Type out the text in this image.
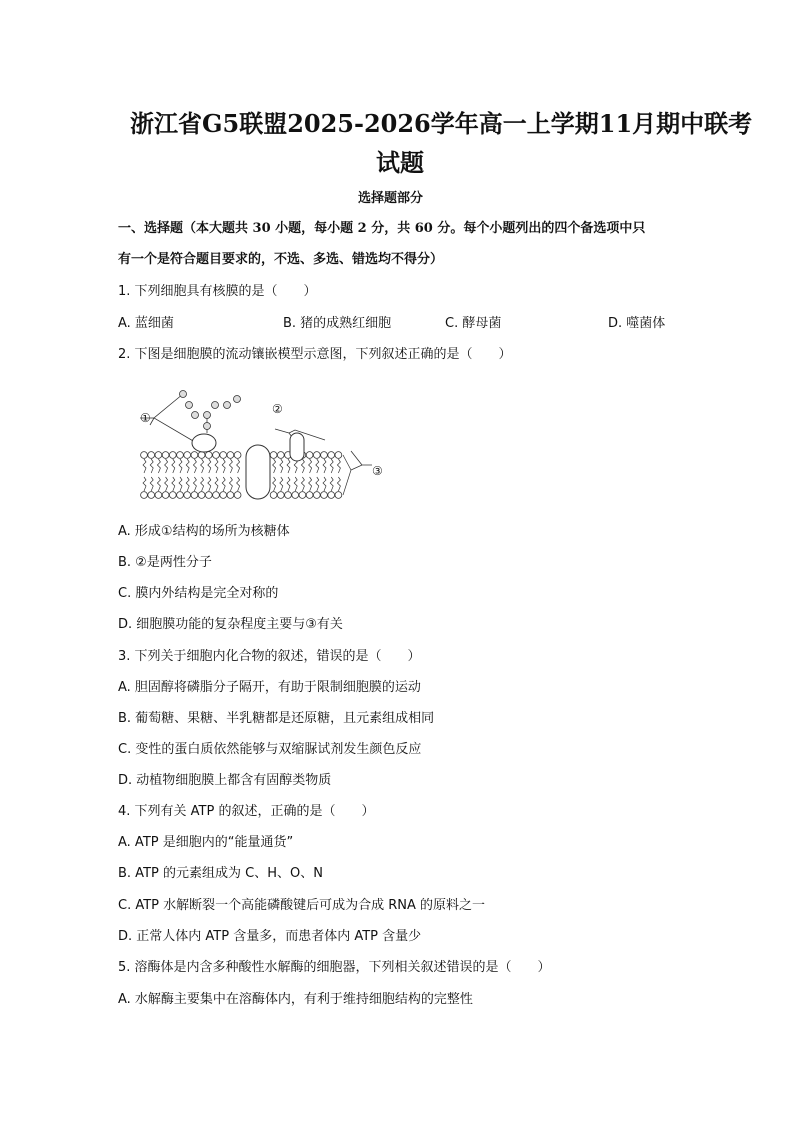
浙江省G5联盟2025-2026学年高一上学期11月期中联考
试题
选择题部分
一、选择题（本大题共 30 小题，每小题 2 分，共 60 分。每个小题列出的四个备选项中只
有一个是符合题目要求的，不选、多选、错选均不得分）
1. 下列细胞具有核膜的是（　　）
A. 蓝细菌	B. 猪的成熟红细胞	C. 酵母菌	D. 噬菌体
2. 下图是细胞膜的流动镶嵌模型示意图，下列叙述正确的是（　　）
①
②
③
A. 形成①结构的场所为核糖体
B. ②是两性分子
C. 膜内外结构是完全对称的
D. 细胞膜功能的复杂程度主要与③有关
3. 下列关于细胞内化合物的叙述，错误的是（　　）
A. 胆固醇将磷脂分子隔开，有助于限制细胞膜的运动
B. 葡萄糖、果糖、半乳糖都是还原糖，且元素组成相同
C. 变性的蛋白质依然能够与双缩脲试剂发生颜色反应
D. 动植物细胞膜上都含有固醇类物质
4. 下列有关 ATP 的叙述，正确的是（　　）
A. ATP 是细胞内的“能量通货”
B. ATP 的元素组成为 C、H、O、N
C. ATP 水解断裂一个高能磷酸键后可成为合成 RNA 的原料之一
D. 正常人体内 ATP 含量多，而患者体内 ATP 含量少
5. 溶酶体是内含多种酸性水解酶的细胞器，下列相关叙述错误的是（　　）
A. 水解酶主要集中在溶酶体内，有利于维持细胞结构的完整性
